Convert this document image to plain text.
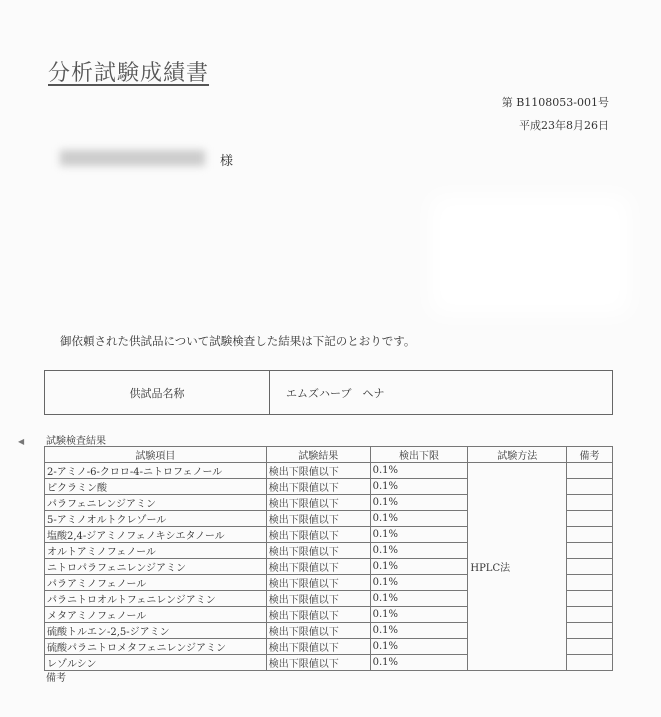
分析試験成績書
第 B1108053-001号
平成23年8月26日
様
御依頼された供試品について試験検査した結果は下記のとおりです。
供試品名称	エムズハーブ　ヘナ
◀ 試験検査結果
試験項目	試験結果	検出下限	試験方法	備考
2-アミノ-6-クロロ-4-ニトロフェノール	検出下限値以下	0.1%	HPLC法	
ピクラミン酸	検出下限値以下	0.1%		
パラフェニレンジアミン	検出下限値以下	0.1%		
5-アミノオルトクレゾール	検出下限値以下	0.1%		
塩酸2,4-ジアミノフェノキシエタノール	検出下限値以下	0.1%		
オルトアミノフェノール	検出下限値以下	0.1%		
ニトロパラフェニレンジアミン	検出下限値以下	0.1%		
パラアミノフェノール	検出下限値以下	0.1%		
パラニトロオルトフェニレンジアミン	検出下限値以下	0.1%		
メタアミノフェノール	検出下限値以下	0.1%		
硫酸トルエン-2,5-ジアミン	検出下限値以下	0.1%		
硫酸パラニトロメタフェニレンジアミン	検出下限値以下	0.1%		
レゾルシン	検出下限値以下	0.1%		
備考
